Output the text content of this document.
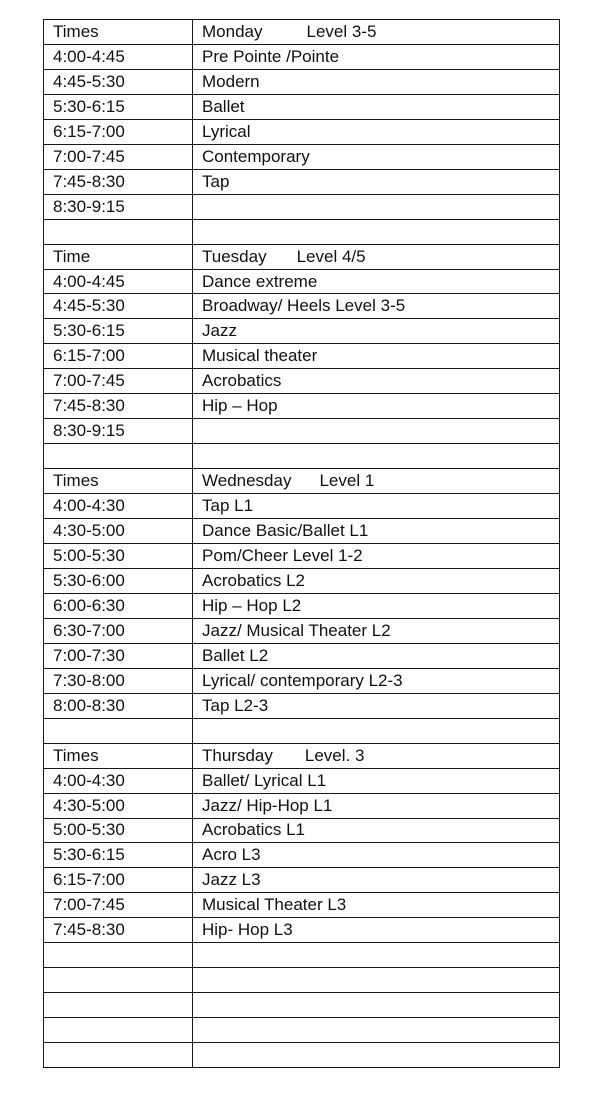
Times	Monday Level 3-5
4:00-4:45	Pre Pointe /Pointe
4:45-5:30	Modern
5:30-6:15	Ballet
6:15-7:00	Lyrical
7:00-7:45	Contemporary
7:45-8:30	Tap
8:30-9:15	

Time	Tuesday Level 4/5
4:00-4:45	Dance extreme
4:45-5:30	Broadway/ Heels Level 3-5
5:30-6:15	Jazz
6:15-7:00	Musical theater
7:00-7:45	Acrobatics
7:45-8:30	Hip – Hop
8:30-9:15	

Times	Wednesday Level 1
4:00-4:30	Tap L1
4:30-5:00	Dance Basic/Ballet L1
5:00-5:30	Pom/Cheer Level 1-2
5:30-6:00	Acrobatics L2
6:00-6:30	Hip – Hop L2
6:30-7:00	Jazz/ Musical Theater L2
7:00-7:30	Ballet L2
7:30-8:00	Lyrical/ contemporary L2-3
8:00-8:30	Tap L2-3

Times	Thursday Level. 3
4:00-4:30	Ballet/ Lyrical L1
4:30-5:00	Jazz/ Hip-Hop L1
5:00-5:30	Acrobatics L1
5:30-6:15	Acro L3
6:15-7:00	Jazz L3
7:00-7:45	Musical Theater L3
7:45-8:30	Hip- Hop L3
